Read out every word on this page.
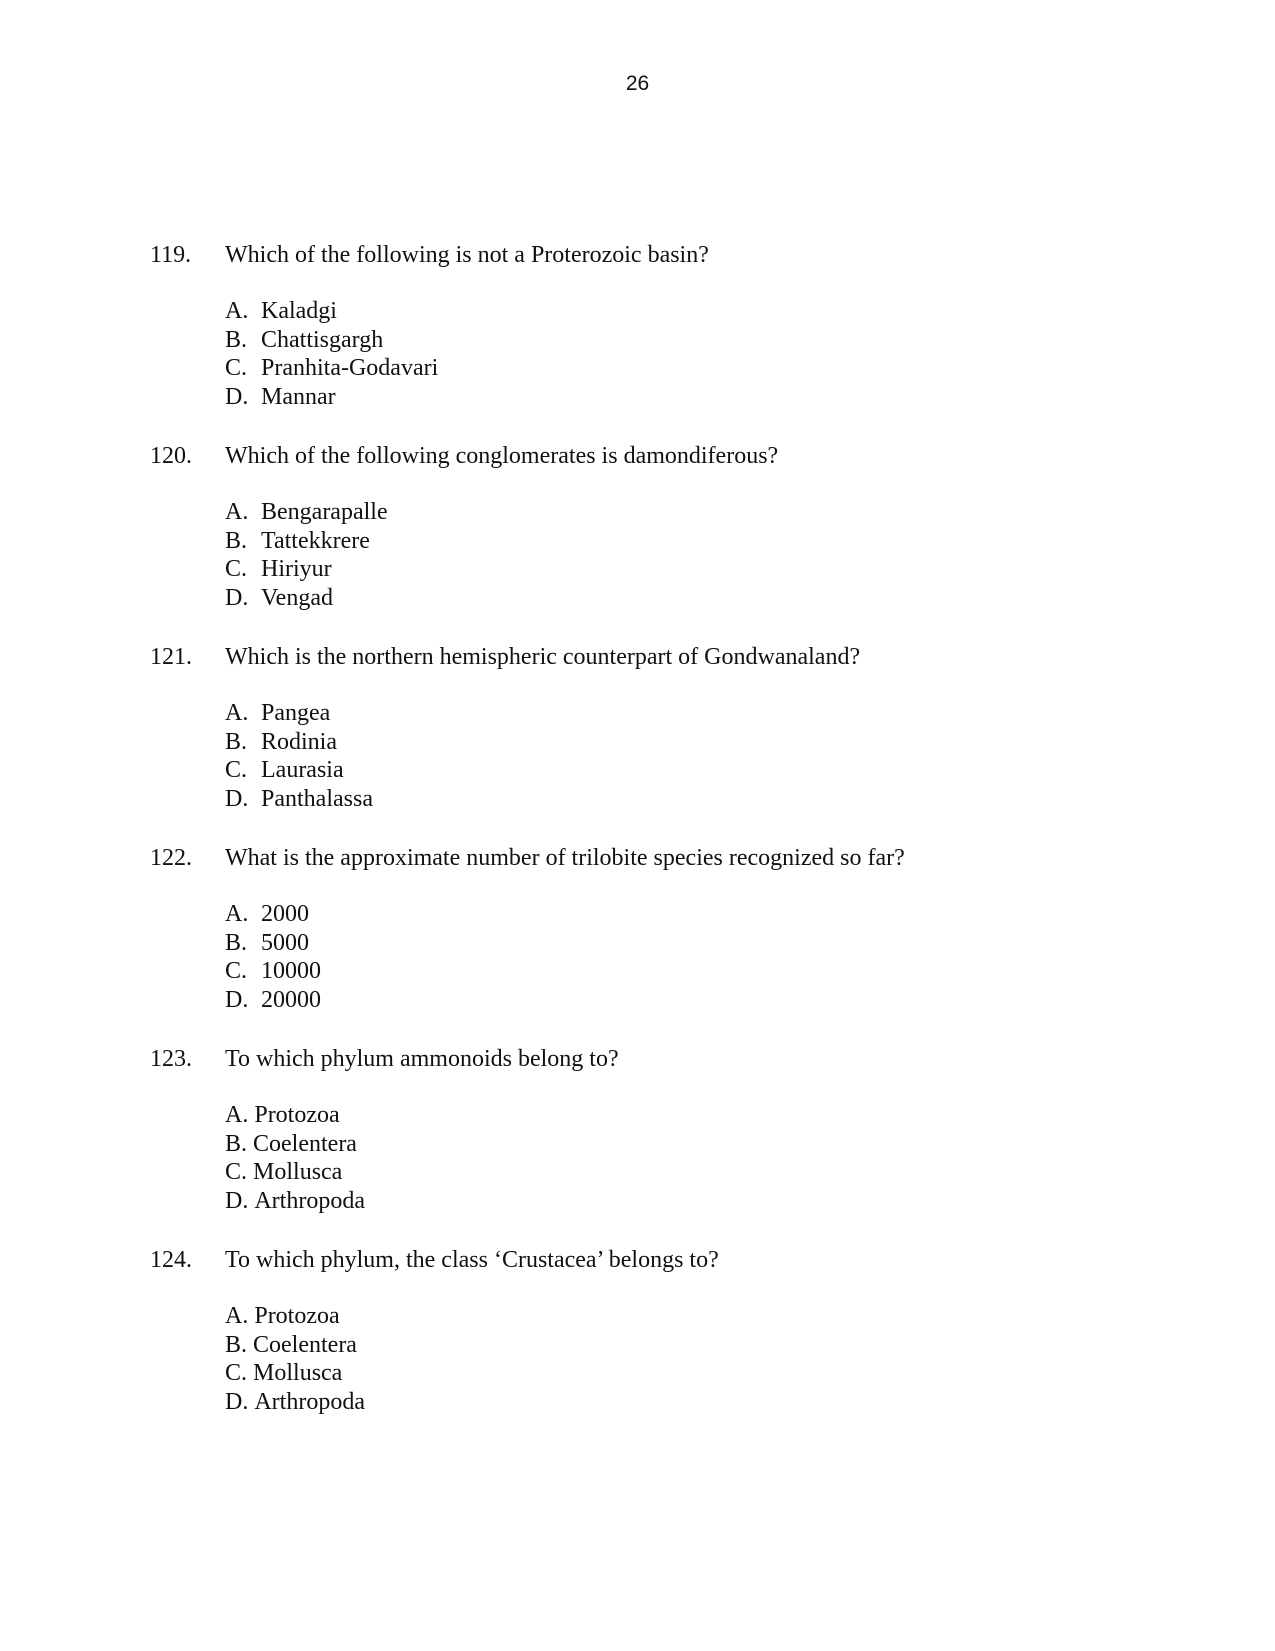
26
119. Which of the following is not a Proterozoic basin?
A. Kaladgi
B. Chattisgargh
C. Pranhita-Godavari
D. Mannar
120. Which of the following conglomerates is damondiferous?
A. Bengarapalle
B. Tattekkrere
C. Hiriyur
D. Vengad
121. Which is the northern hemispheric counterpart of Gondwanaland?
A. Pangea
B. Rodinia
C. Laurasia
D. Panthalassa
122. What is the approximate number of trilobite species recognized so far?
A. 2000
B. 5000
C. 10000
D. 20000
123. To which phylum ammonoids belong to?
A. Protozoa
B. Coelentera
C. Mollusca
D. Arthropoda
124. To which phylum, the class ‘Crustacea’ belongs to?
A. Protozoa
B. Coelentera
C. Mollusca
D. Arthropoda
